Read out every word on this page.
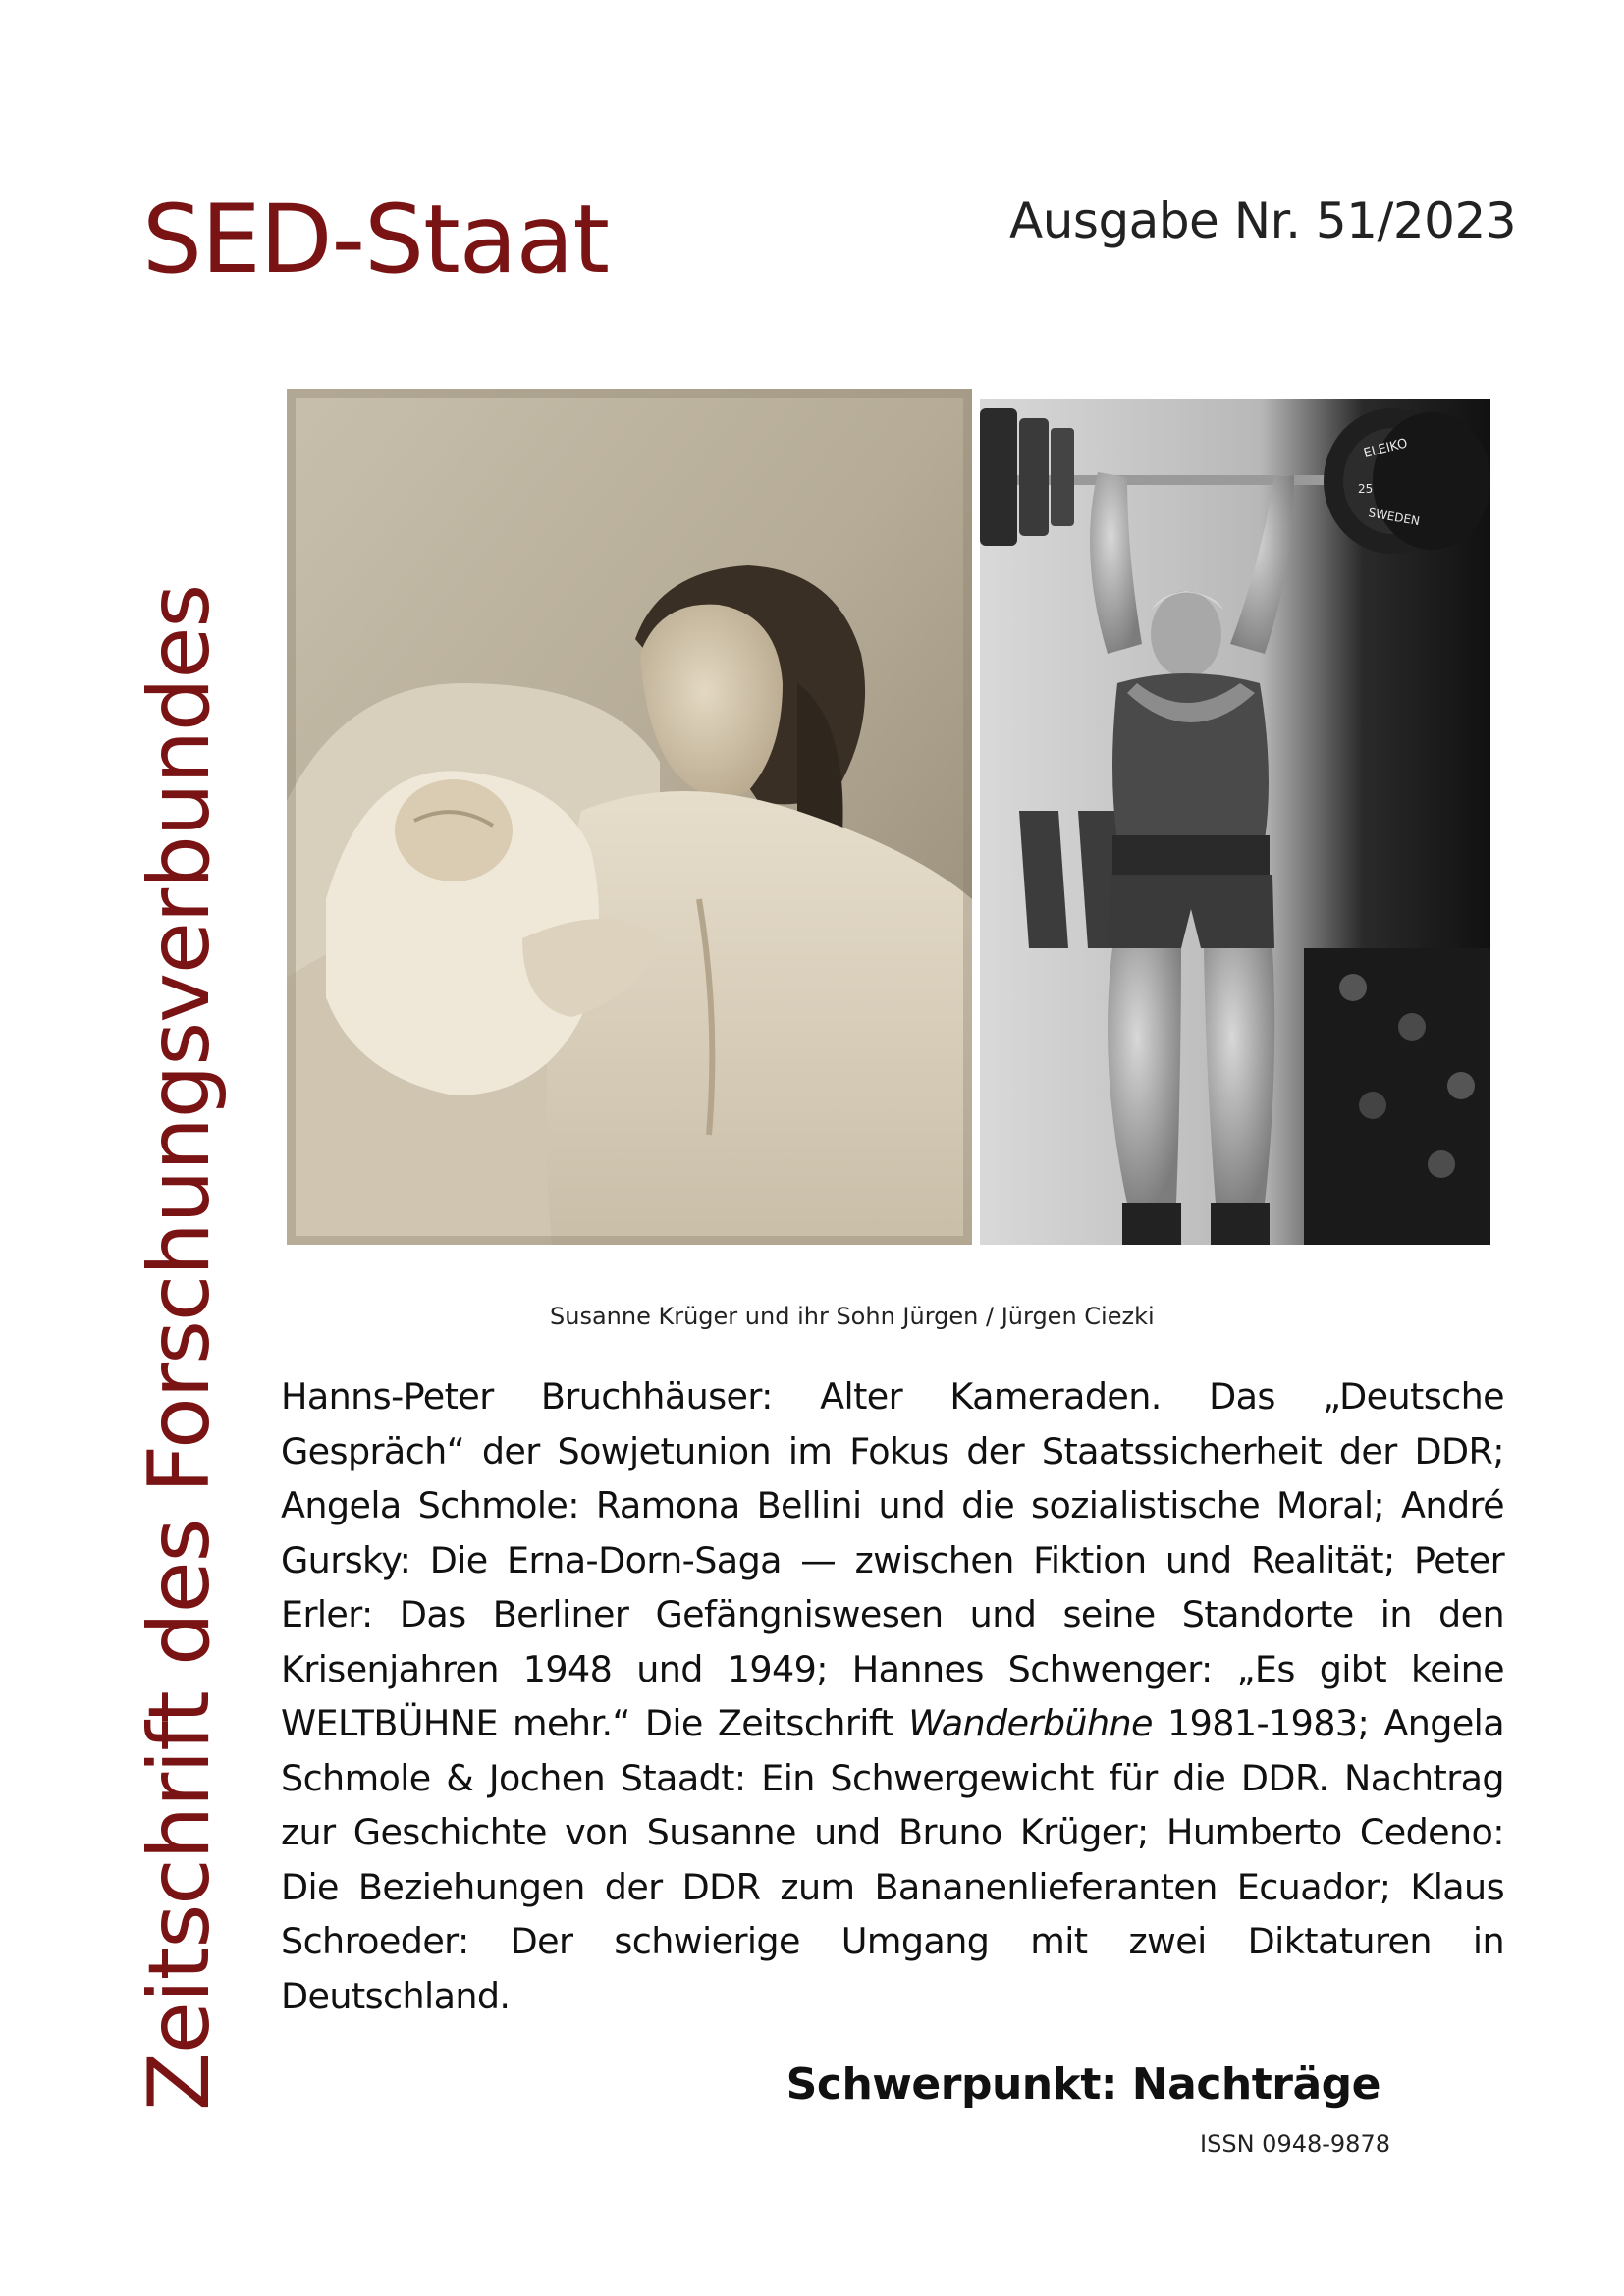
SED-Staat	Ausgabe Nr. 51/2023
Zeitschrift des Forschungsverbundes
ELEIKO
25
SWEDEN
Susanne Krüger und ihr Sohn Jürgen / Jürgen Ciezki
Hanns-Peter Bruchhäuser: Alter Kameraden. Das „Deutsche Gespräch“ der Sowjetunion im Fokus der Staatssicherheit der DDR; Angela Schmole: Ramona Bellini und die sozialistische Moral; André Gursky: Die Erna-Dorn-Saga — zwischen Fiktion und Realität; Peter Erler: Das Berliner Gefängniswesen und seine Standorte in den Krisenjahren 1948 und 1949; Hannes Schwenger: „Es gibt keine WELTBÜHNE mehr.“ Die Zeitschrift Wanderbühne 1981-1983; Angela Schmole & Jochen Staadt: Ein Schwergewicht für die DDR. Nachtrag zur Geschichte von Susanne und Bruno Krüger; Humberto Cedeno: Die Beziehungen der DDR zum Bananenlieferanten Ecuador; Klaus Schroeder: Der schwierige Umgang mit zwei Diktaturen in Deutschland.
Schwerpunkt: Nachträge
ISSN 0948-9878
